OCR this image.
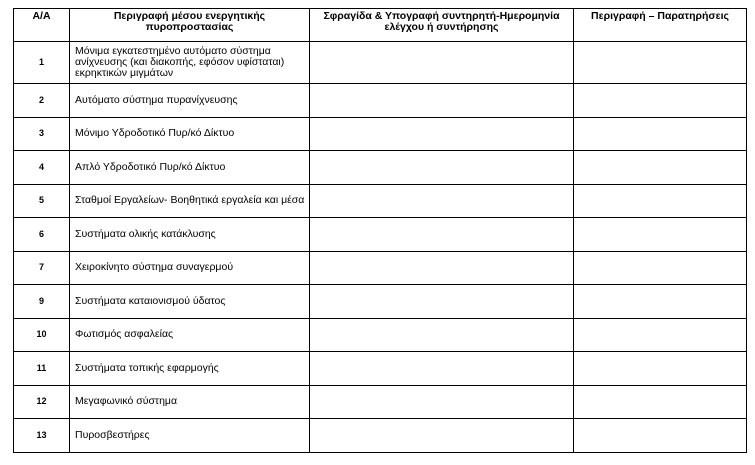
Α/Α	Περιγραφή μέσου ενεργητικής πυροπροστασίας	Σφραγίδα & Υπογραφή συντηρητή-Ημερομηνία ελέγχου ή συντήρησης	Περιγραφή – Παρατηρήσεις
1	Μόνιμα εγκατεστημένο αυτόματο σύστημα ανίχνευσης (και διακοπής, εφόσον υφίσταται) εκρηκτικών μιγμάτων		
2	Αυτόματο σύστημα πυρανίχνευσης		
3	Μόνιμο Υδροδοτικό Πυρ/κό Δίκτυο		
4	Απλό Υδροδοτικό Πυρ/κό Δίκτυο		
5	Σταθμοί Εργαλείων- Βοηθητικά εργαλεία και μέσα		
6	Συστήματα ολικής κατάκλυσης		
7	Χειροκίνητο σύστημα συναγερμού		
9	Συστήματα καταιονισμού ύδατος		
10	Φωτισμός ασφαλείας		
11	Συστήματα τοπικής εφαρμογής		
12	Μεγαφωνικό σύστημα		
13	Πυροσβεστήρες		
